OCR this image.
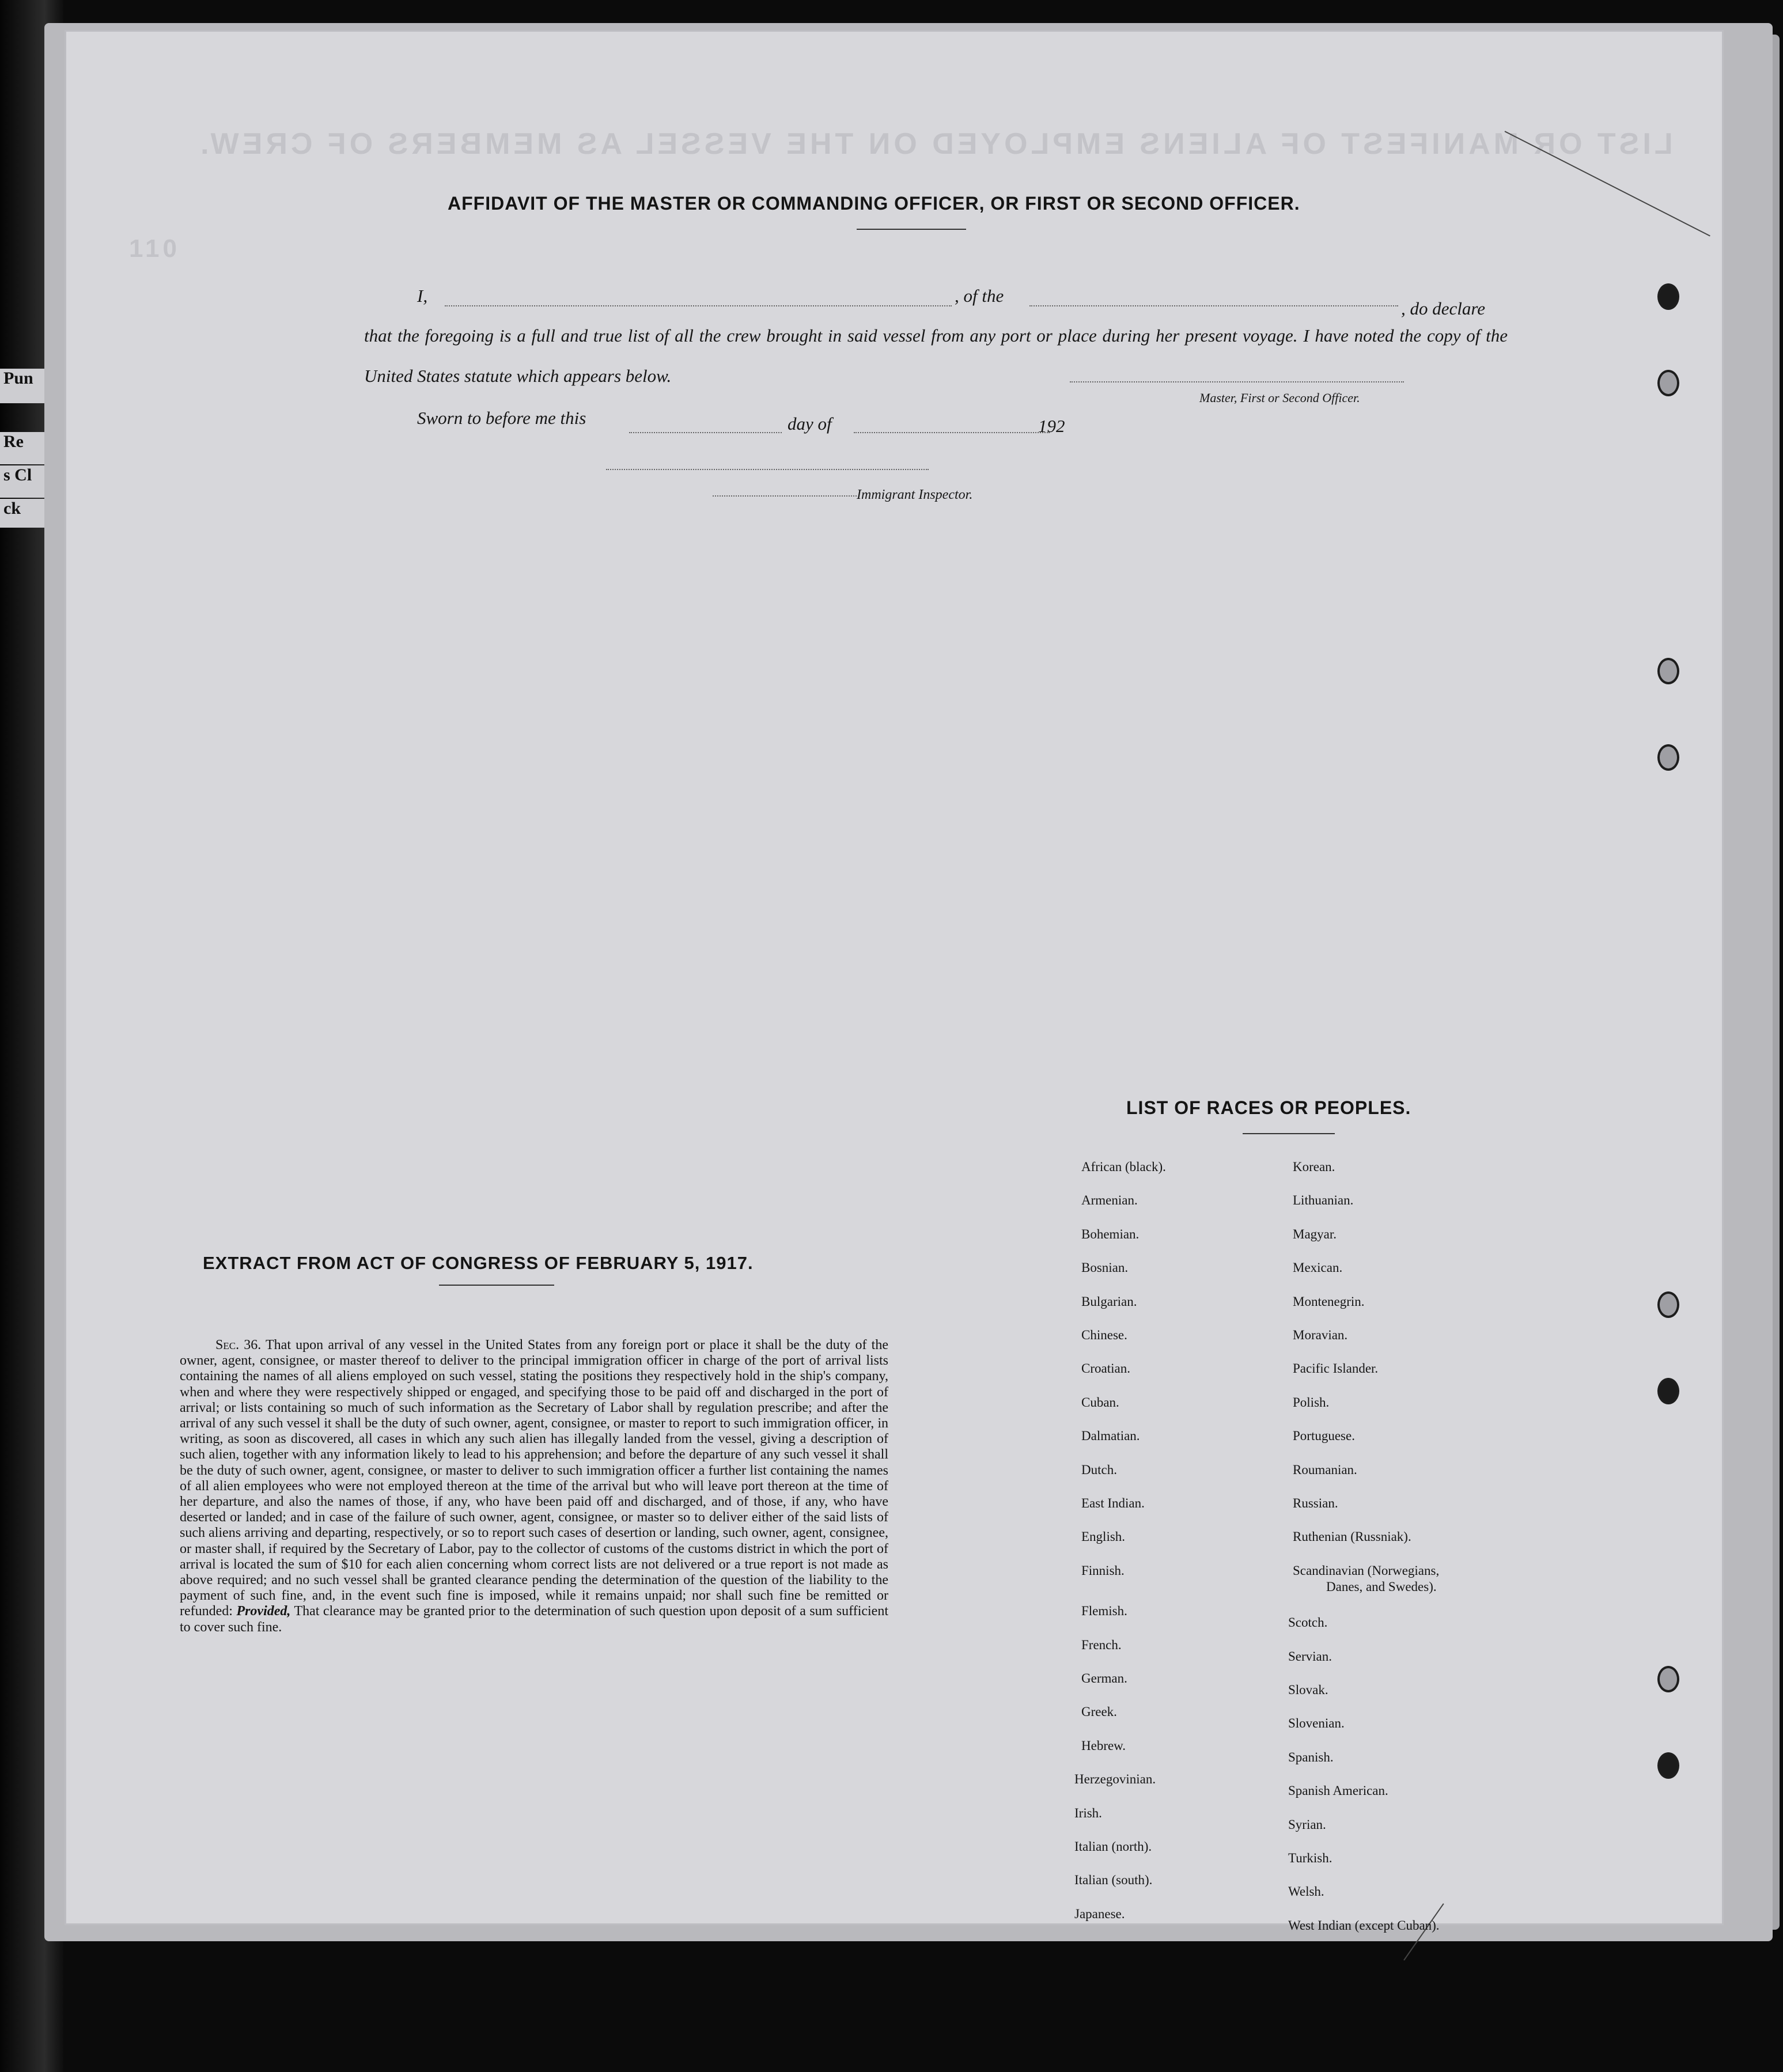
Pun
Re
s Cl
ck
LIST OR MANIFEST OF ALIENS EMPLOYED ON THE VESSEL AS MEMBERS OF CREW.
110
AFFIDAVIT OF THE MASTER OR COMMANDING OFFICER, OR FIRST OR SECOND OFFICER.
I,	, of the
, do declare
that the foregoing is a full and true list of all the crew brought in said vessel from any port or place during her present voyage. I have noted the copy of the United States statute which appears below.
Master, First or Second Officer.
Sworn to before me this	day of	192
Immigrant Inspector.
EXTRACT FROM ACT OF CONGRESS OF FEBRUARY 5, 1917.
Sec. 36. That upon arrival of any vessel in the United States from any foreign port or place it shall be the duty of the owner, agent, consignee, or master thereof to deliver to the principal immigration officer in charge of the port of arrival lists containing the names of all aliens employed on such vessel, stating the positions they respectively hold in the ship's company, when and where they were respectively shipped or engaged, and specifying those to be paid off and discharged in the port of arrival; or lists containing so much of such information as the Secretary of Labor shall by regulation prescribe; and after the arrival of any such vessel it shall be the duty of such owner, agent, consignee, or master to report to such immigration officer, in writing, as soon as discovered, all cases in which any such alien has illegally landed from the vessel, giving a description of such alien, together with any information likely to lead to his apprehension; and before the departure of any such vessel it shall be the duty of such owner, agent, consignee, or master to deliver to such immigration officer a further list containing the names of all alien employees who were not employed thereon at the time of the arrival but who will leave port thereon at the time of her departure, and also the names of those, if any, who have been paid off and discharged, and of those, if any, who have deserted or landed; and in case of the failure of such owner, agent, consignee, or master so to deliver either of the said lists of such aliens arriving and departing, respectively, or so to report such cases of desertion or landing, such owner, agent, consignee, or master shall, if required by the Secretary of Labor, pay to the collector of customs of the customs district in which the port of arrival is located the sum of $10 for each alien concerning whom correct lists are not delivered or a true report is not made as above required; and no such vessel shall be granted clearance pending the determination of the question of the liability to the payment of such fine, and, in the event such fine is imposed, while it remains unpaid; nor shall such fine be remitted or refunded: Provided, That clearance may be granted prior to the determination of such question upon deposit of a sum sufficient to cover such fine.
LIST OF RACES OR PEOPLES.
African (black).
Armenian.
Bohemian.
Bosnian.
Bulgarian.
Chinese.
Croatian.
Cuban.
Dalmatian.
Dutch.
East Indian.
English.
Finnish.
Flemish.
French.
German.
Greek.
Hebrew.
Herzegovinian.
Irish.
Italian (north).
Italian (south).
Japanese.
Korean.
Lithuanian.
Magyar.
Mexican.
Montenegrin.
Moravian.
Pacific Islander.
Polish.
Portuguese.
Roumanian.
Russian.
Ruthenian (Russniak).
Scandinavian (Norwegians,
Danes, and Swedes).
Scotch.
Servian.
Slovak.
Slovenian.
Spanish.
Spanish American.
Syrian.
Turkish.
Welsh.
West Indian (except Cuban).
